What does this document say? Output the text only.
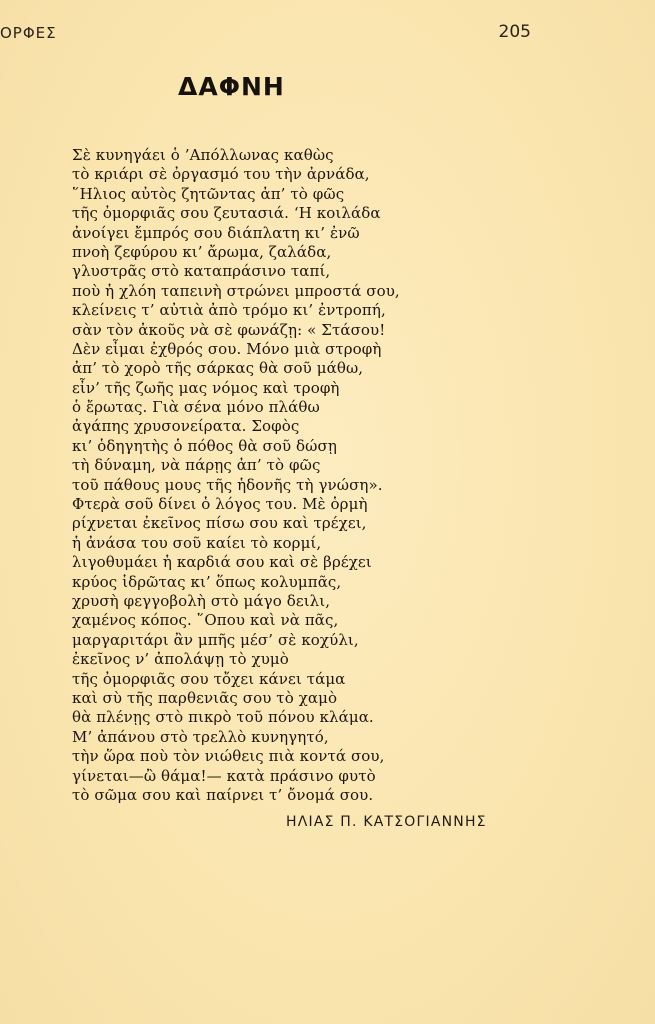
ΟΡΦΕΣ	205
ΔΑΦΝΗ
Σὲ κυνηγάει ὁ ’Απόλλωνας καθὼς
τὸ κριάρι σὲ ὀργασμό του τὴν ἀρνάδα,
῞Ηλιος αὐτὸς ζητῶντας ἀπ’ τὸ φῶς
τῆς ὀμορφιᾶς σου ζευτασιά. ‘Η κοιλάδα
ἀνοίγει ἔμπρός σου διάπλατη κι’ ἐνῶ
πνοὴ ζεφύρου κι’ ἄρωμα, ζαλάδα,
γλυστρᾶς στὸ καταπράσινο ταπί,
ποὺ ἡ χλόη ταπεινὴ στρώνει μπροστά σου,
κλείνεις τ’ αὐτιὰ ἀπὸ τρόμο κι’ ἐντροπή,
σὰν τὸν ἀκοῦς νὰ σὲ φωνάζῃ: « Στάσου!
Δὲν εἶμαι ἐχθρός σου. Μόνο μιὰ στροφὴ
ἀπ’ τὸ χορὸ τῆς σάρκας θὰ σοῦ μάθω,
εἶν’ τῆς ζωῆς μας νόμος καὶ τροφὴ
ὁ ἔρωτας. Γιὰ σένα μόνο πλάθω
ἀγάπης χρυσονείρατα. Σοφὸς
κι’ ὁδηγητὴς ὁ πόθος θὰ σοῦ δώσῃ
τὴ δύναμη, νὰ πάρῃς ἀπ’ τὸ φῶς
τοῦ πάθους μους τῆς ἡδονῆς τὴ γνώση».
Φτερὰ σοῦ δίνει ὁ λόγος του. Μὲ ὁρμὴ
ρίχνεται ἐκεῖνος πίσω σου καὶ τρέχει,
ἡ ἀνάσα του σοῦ καίει τὸ κορμί,
λιγοθυμάει ἡ καρδιά σου καὶ σὲ βρέχει
κρύος ἱδρῶτας κι’ ὅπως κολυμπᾶς,
χρυσὴ φεγγοβολὴ στὸ μάγο δειλι,
χαμένος κόπος. ῞Οπου καὶ νὰ πᾶς,
μαργαριτάρι ἂν μπῆς μέσ’ σὲ κοχύλι,
ἐκεῖνος ν’ ἀπολάψῃ τὸ χυμὸ
τῆς ὀμορφιᾶς σου τὄχει κάνει τάμα
καὶ σὺ τῆς παρθενιᾶς σου τὸ χαμὸ
θὰ πλένῃς στὸ πικρὸ τοῦ πόνου κλάμα.
Μ’ ἀπάνου στὸ τρελλὸ κυνηγητό,
τὴν ὥρα ποὺ τὸν νιώθεις πιὰ κοντά σου,
γίνεται—ὢ θάμα!— κατὰ πράσινο φυτὸ
τὸ σῶμα σου καὶ παίρνει τ’ ὄνομά σου.
ΗΛΙΑΣ Π. ΚΑΤΣΟΓΙΑΝΝΗΣ
